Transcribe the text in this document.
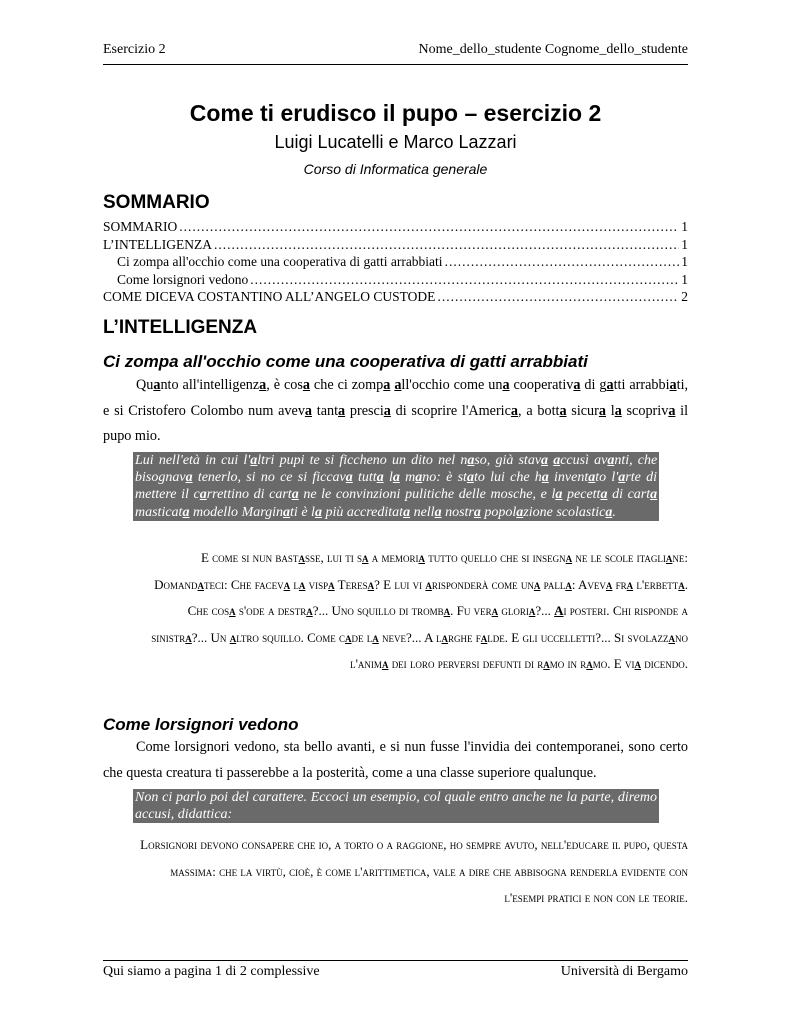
Esercizio 2	Nome_dello_studente Cognome_dello_studente
Come ti erudisco il pupo – esercizio 2
Luigi Lucatelli e Marco Lazzari
Corso di Informatica generale
SOMMARIO
SOMMARIO .....	1
L’INTELLIGENZA .....	1
Ci zompa all'occhio come una cooperativa di gatti arrabbiati .....	1
Come lorsignori vedono .....	1
COME DICEVA COSTANTINO ALL’ANGELO CUSTODE .....	2
L’INTELLIGENZA
Ci zompa all'occhio come una cooperativa di gatti arrabbiati
Quanto all'intelligenza, è cosa che ci zompa all'occhio come una cooperativa di gatti arrabbiati, e si Cristofero Colombo num aveva tanta prescia di scoprire l'America, a botta sicura la scopriva il pupo mio.
Lui nell'età in cui l'altri pupi te si ficcheno un dito nel naso, già stava accusì avanti, che bisognava tenerlo, si no ce si ficcava tutta la mano: è stato lui che ha inventato l'arte di mettere il carrettino di carta ne le convinzioni pulitiche delle mosche, e la pecetta di carta masticata modello Marginati è la più accreditata nella nostra popolazione scolastica.
E come si nun bastasse, lui ti sa a memoria tutto quello che si insegna ne le scole itagliane: Domandateci: Che faceva la vispa Teresa? E lui vi arisponderà come una palla: Aveva fra l'erbetta. Che cosa s'ode a destra?... Uno squillo di tromba. Fu vera gloria?... Ai posteri. Chi risponde a sinistra?... Un altro squillo. Come cade la neve?... A larghe falde. E gli uccelletti?... Si svolazzano l'anima dei loro perversi defunti di ramo in ramo. E via dicendo.
Come lorsignori vedono
Come lorsignori vedono, sta bello avanti, e si nun fusse l'invidia dei contemporanei, sono certo che questa creatura ti passerebbe a la posterità, come a una classe superiore qualunque.
Non ci parlo poi del carattere. Eccoci un esempio, col quale entro anche ne la parte, diremo accusi, didattica:
Lorsignori devono consapere che io, a torto o a raggione, ho sempre avuto, nell'educare il pupo, questa massima: che la virtù, cioè, è come l'arittimetica, vale a dire che abbisogna renderla evidente con l'esempi pratici e non con le teorie.
Qui siamo a pagina 1 di 2 complessive	Università di Bergamo
